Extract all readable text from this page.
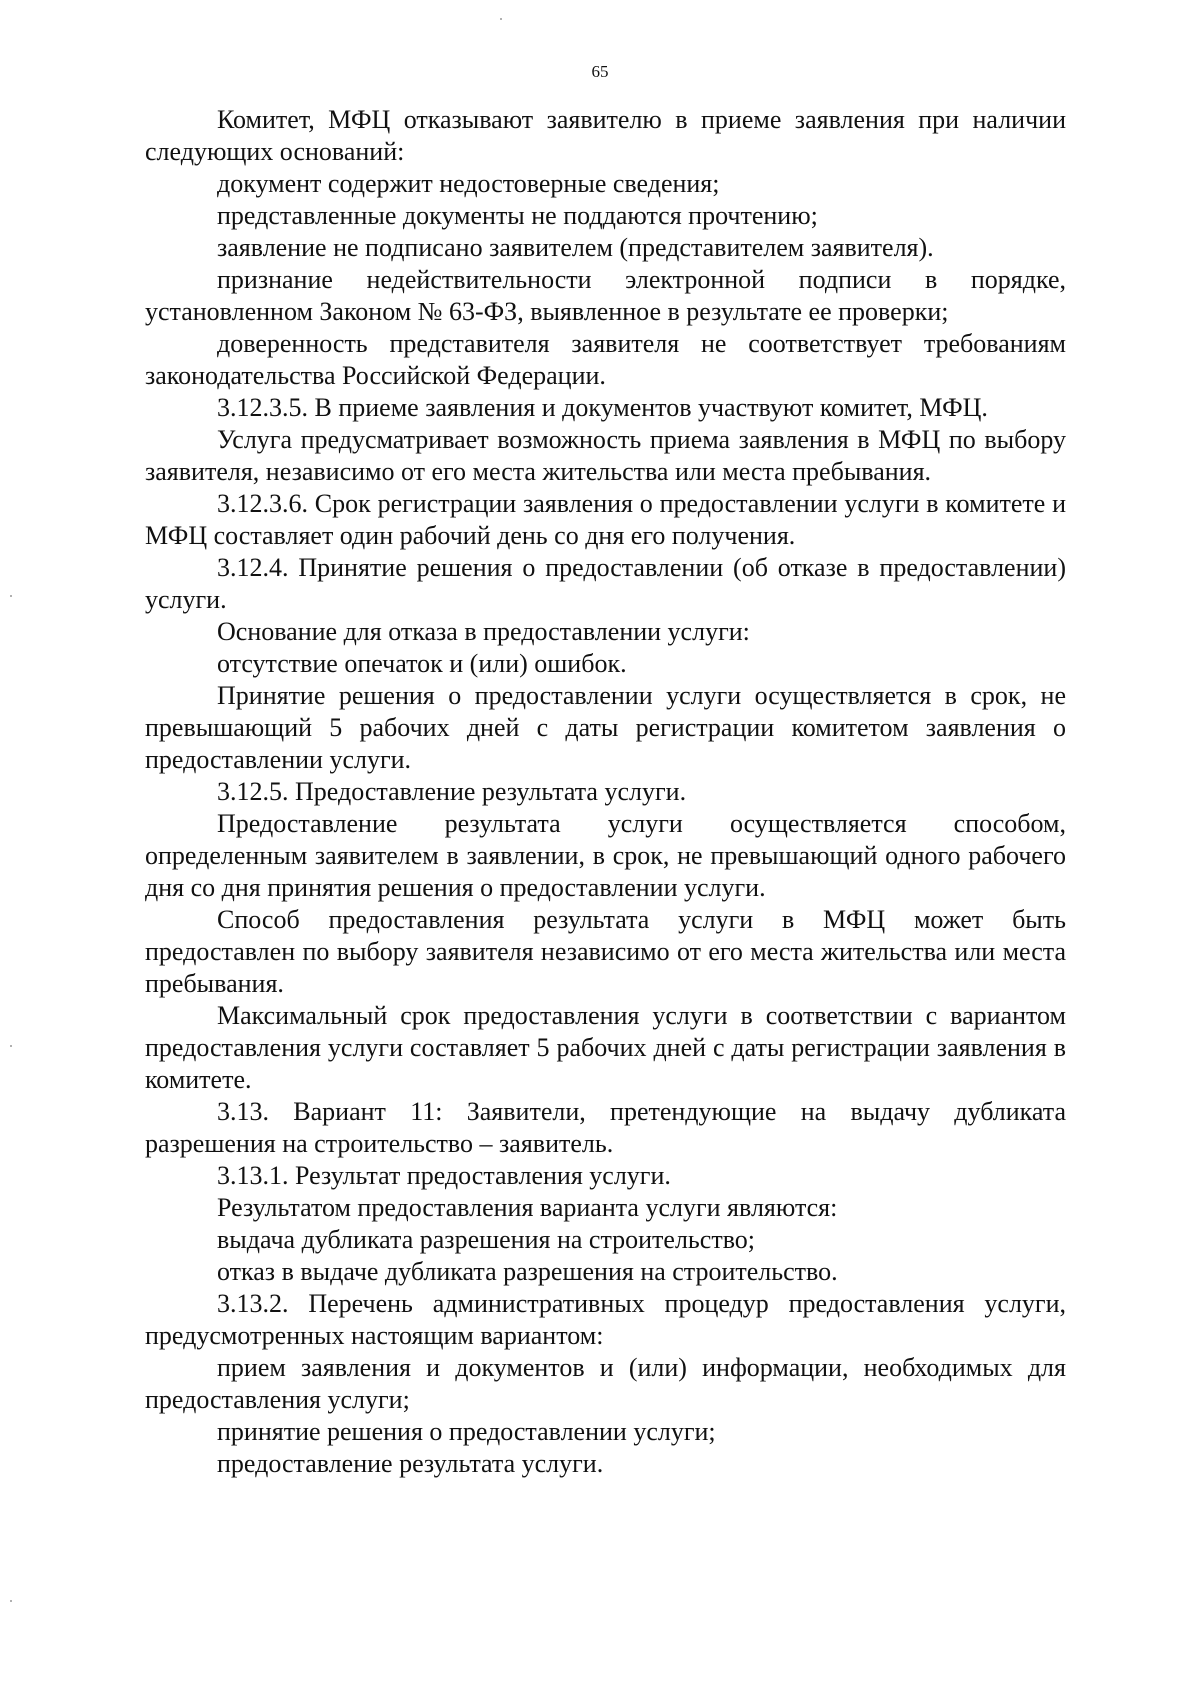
65

Комитет, МФЦ отказывают заявителю в приеме заявления при наличии следующих оснований:

документ содержит недостоверные сведения;

представленные документы не поддаются прочтению;

заявление не подписано заявителем (представителем заявителя).

признание недействительности электронной подписи в порядке, установленном Законом № 63-ФЗ, выявленное в результате ее проверки;

доверенность представителя заявителя не соответствует требованиям законодательства Российской Федерации.

3.12.3.5. В приеме заявления и документов участвуют комитет, МФЦ.

Услуга предусматривает возможность приема заявления в МФЦ по выбору заявителя, независимо от его места жительства или места пребывания.

3.12.3.6. Срок регистрации заявления о предоставлении услуги в комитете и МФЦ составляет один рабочий день со дня его получения.

3.12.4. Принятие решения о предоставлении (об отказе в предоставлении) услуги.

Основание для отказа в предоставлении услуги:

отсутствие опечаток и (или) ошибок.

Принятие решения о предоставлении услуги осуществляется в срок, не превышающий 5 рабочих дней с даты регистрации комитетом заявления о предоставлении услуги.

3.12.5. Предоставление результата услуги.

Предоставление результата услуги осуществляется способом, определенным заявителем в заявлении, в срок, не превышающий одного рабочего дня со дня принятия решения о предоставлении услуги.

Способ предоставления результата услуги в МФЦ может быть предоставлен по выбору заявителя независимо от его места жительства или места пребывания.

Максимальный срок предоставления услуги в соответствии с вариантом предоставления услуги составляет 5 рабочих дней с даты регистрации заявления в комитете.

3.13. Вариант 11: Заявители, претендующие на выдачу дубликата разрешения на строительство – заявитель.

3.13.1. Результат предоставления услуги.

Результатом предоставления варианта услуги являются:

выдача дубликата разрешения на строительство;

отказ в выдаче дубликата разрешения на строительство.

3.13.2. Перечень административных процедур предоставления услуги, предусмотренных настоящим вариантом:

прием заявления и документов и (или) информации, необходимых для предоставления услуги;

принятие решения о предоставлении услуги;

предоставление результата услуги.
